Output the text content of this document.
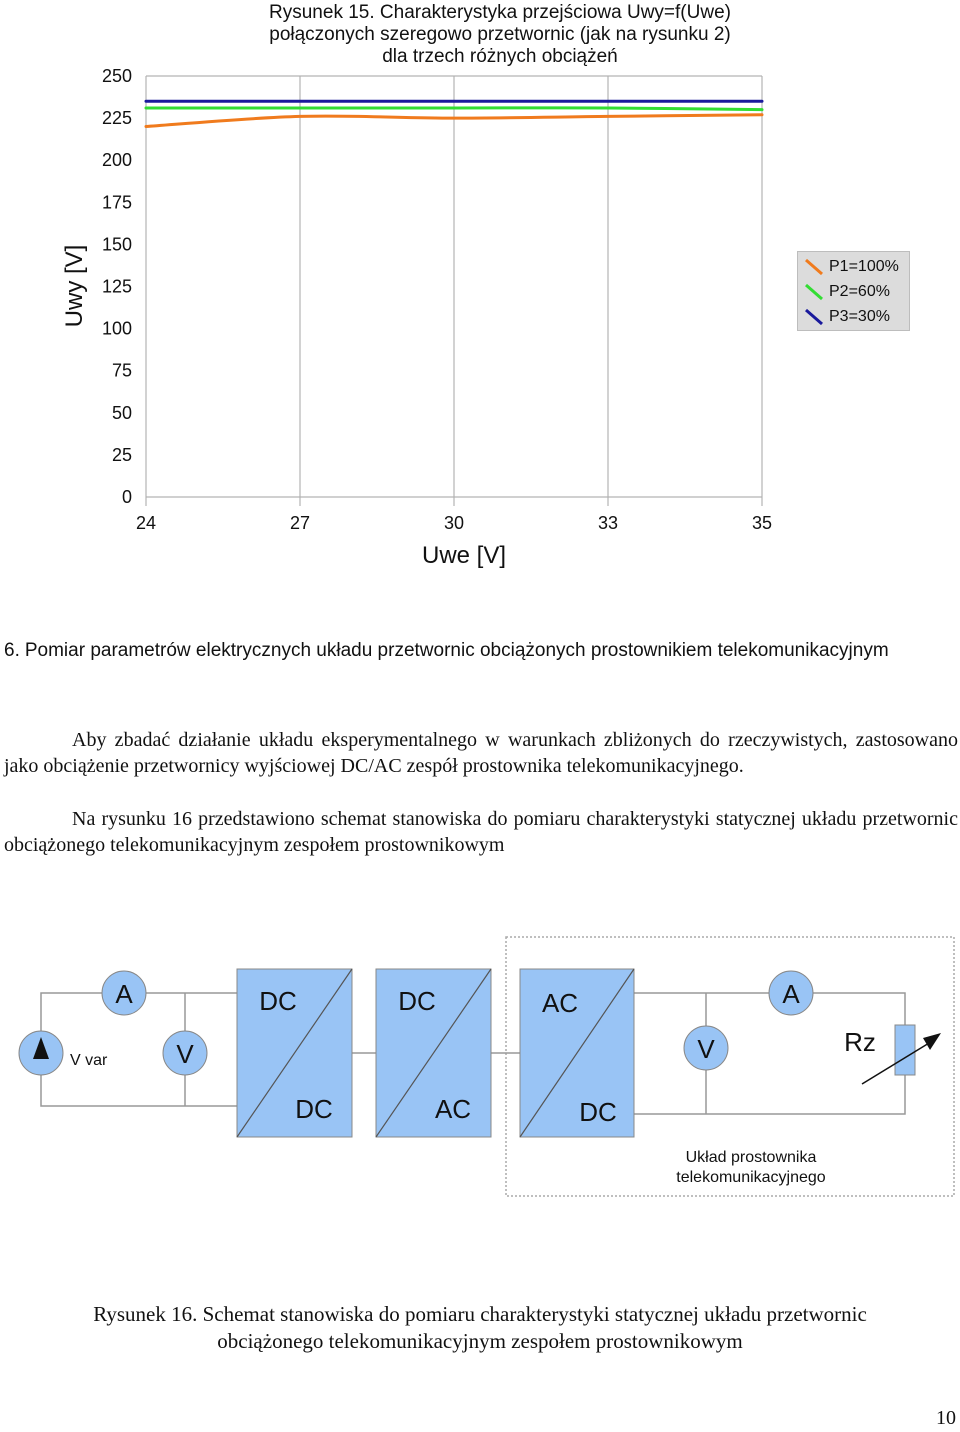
Rysunek 15. Charakterystyka przejściowa Uwy=f(Uwe)
połączonych szeregowo przetwornic (jak na rysunku 2)
dla trzech różnych obciążeń
0
25
50
75
100
125
150
175
200
225
250
24	27	30	33	35
Uwy [V]
Uwe [V]
P1=100%
P2=60%
P3=30%
6. Pomiar parametrów elektrycznych układu przetwornic obciążonych prostownikiem telekomunikacyjnym
Aby zbadać działanie układu eksperymentalnego w warunkach zbliżonych do rzeczywistych, zastosowano jako obciążenie przetwornicy wyjściowej DC/AC zespół prostownika telekomunikacyjnego.
Na rysunku 16 przedstawiono schemat stanowiska do pomiaru charakterystyki statycznej układu przetwornic obciążonego telekomunikacyjnym zespołem prostownikowym
V var
A
V
DC
DC
DC
AC
AC
DC
A
V	Rz
Układ prostownika
telekomunikacyjnego
Rysunek 16. Schemat stanowiska do pomiaru charakterystyki statycznej układu przetwornic
obciążonego telekomunikacyjnym zespołem prostownikowym
10
